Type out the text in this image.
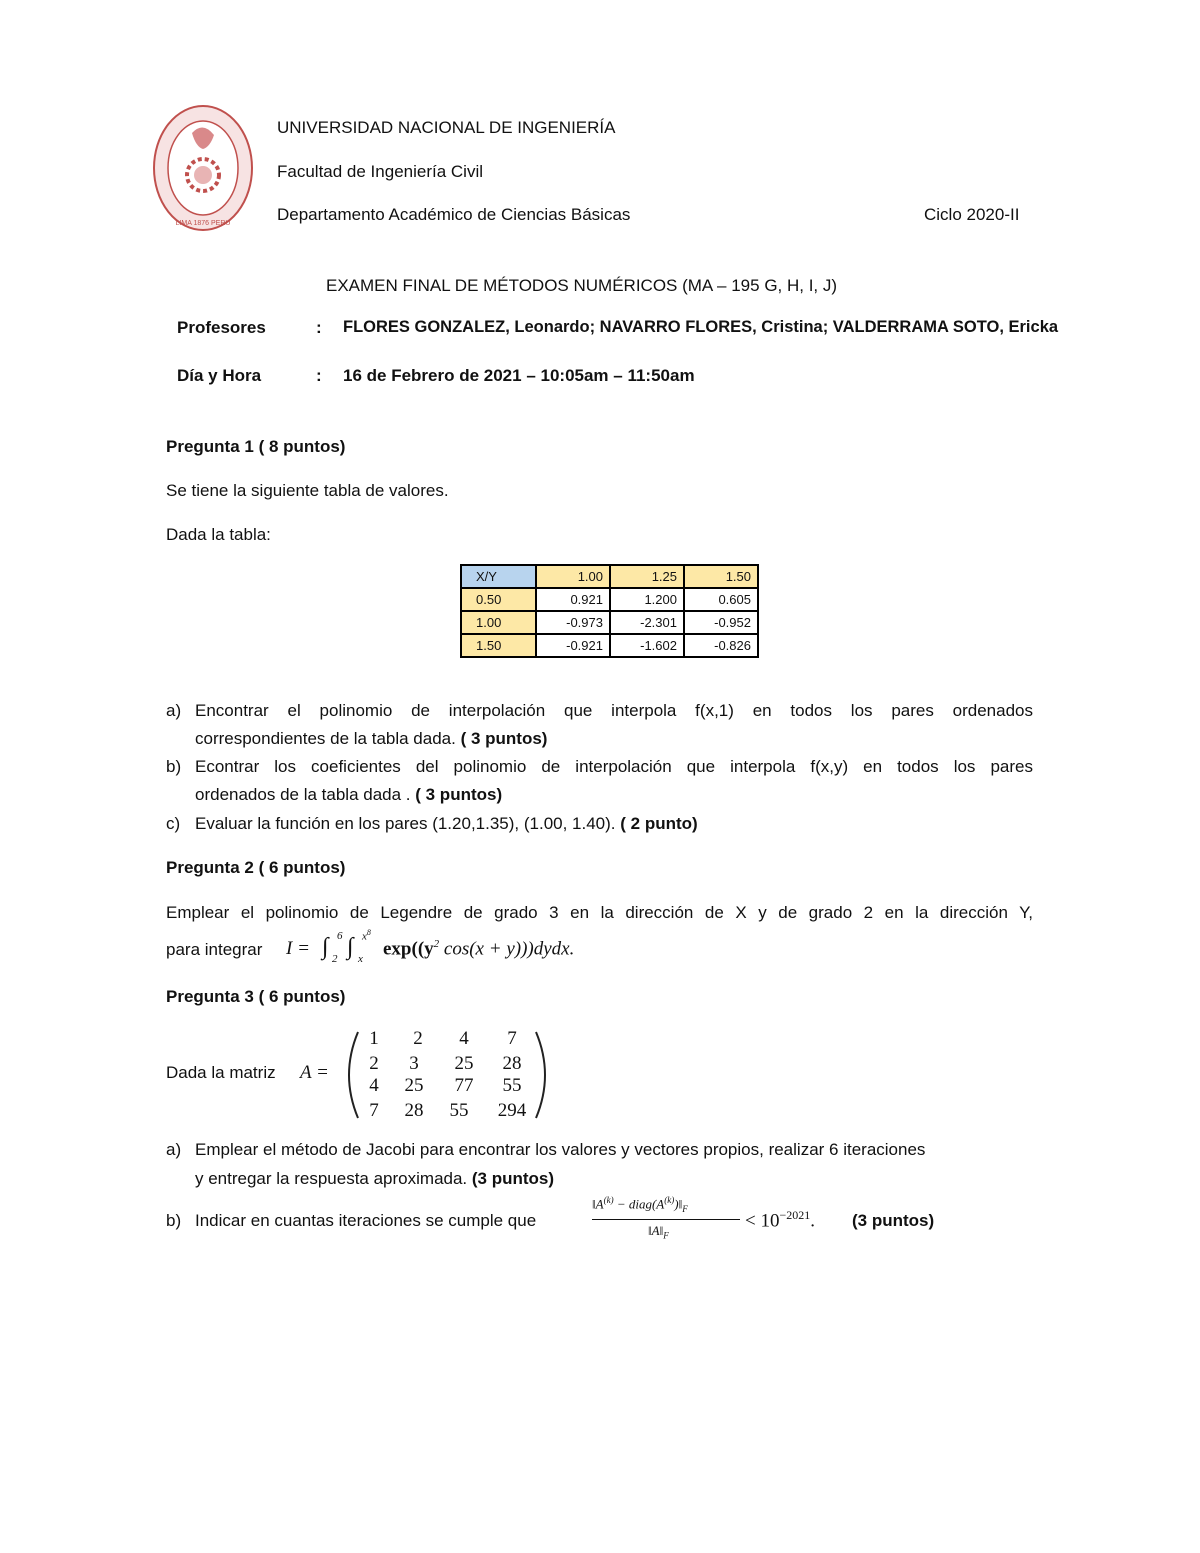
LIMA 1876 PERU
UNIVERSIDAD NACIONAL DE INGENIERÍA
Facultad de Ingeniería Civil
Departamento Académico de Ciencias Básicas	Ciclo 2020-II
EXAMEN FINAL DE MÉTODOS NUMÉRICOS (MA – 195 G, H, I, J)
Profesores	: FLORES GONZALEZ, Leonardo; NAVARRO FLORES, Cristina; VALDERRAMA SOTO, Ericka
Día y Hora	: 16 de Febrero de 2021 – 10:05am – 11:50am
Pregunta 1 ( 8 puntos)
Se tiene la siguiente tabla de valores.
Dada la tabla:
X/Y	1.00	1.25	1.50
0.50	0.921	1.200	0.605
1.00	-0.973	-2.301	-0.952
1.50	-0.921	-1.602	-0.826
a) Encontrar el polinomio de interpolación que interpola f(x,1) en todos los pares ordenados
correspondientes de la tabla dada. ( 3 puntos)
b) Econtrar los coeficientes del polinomio de interpolación que interpola f(x,y) en todos los pares
ordenados de la tabla dada . ( 3 puntos)
c) Evaluar la función en los pares (1.20,1.35), (1.00, 1.40). ( 2 punto)
Pregunta 2 ( 6 puntos)
Emplear el polinomio de Legendre de grado 3 en la dirección de X y de grado 2 en la dirección Y,
para integrar I = ∫ 6
2 ∫ $x^8$
x $\exp((y^2$ cos(x + y)))dydx.
Pregunta 3 ( 6 puntos)
Dada la matriz A =
1	2	4	7
2	3	25	28
4	25	77	55
7	28	55	294
a) Emplear el método de Jacobi para encontrar los valores y vectores propios, realizar 6 iteraciones
y entregar la respuesta aproximada. (3 puntos)
b) Indicar en cuantas iteraciones se cumple que
$‖A^{(k)}$ − $diag(A^{(k)})‖_F$
$‖A‖_F$
< $10^{-2021}$. (3 puntos)
